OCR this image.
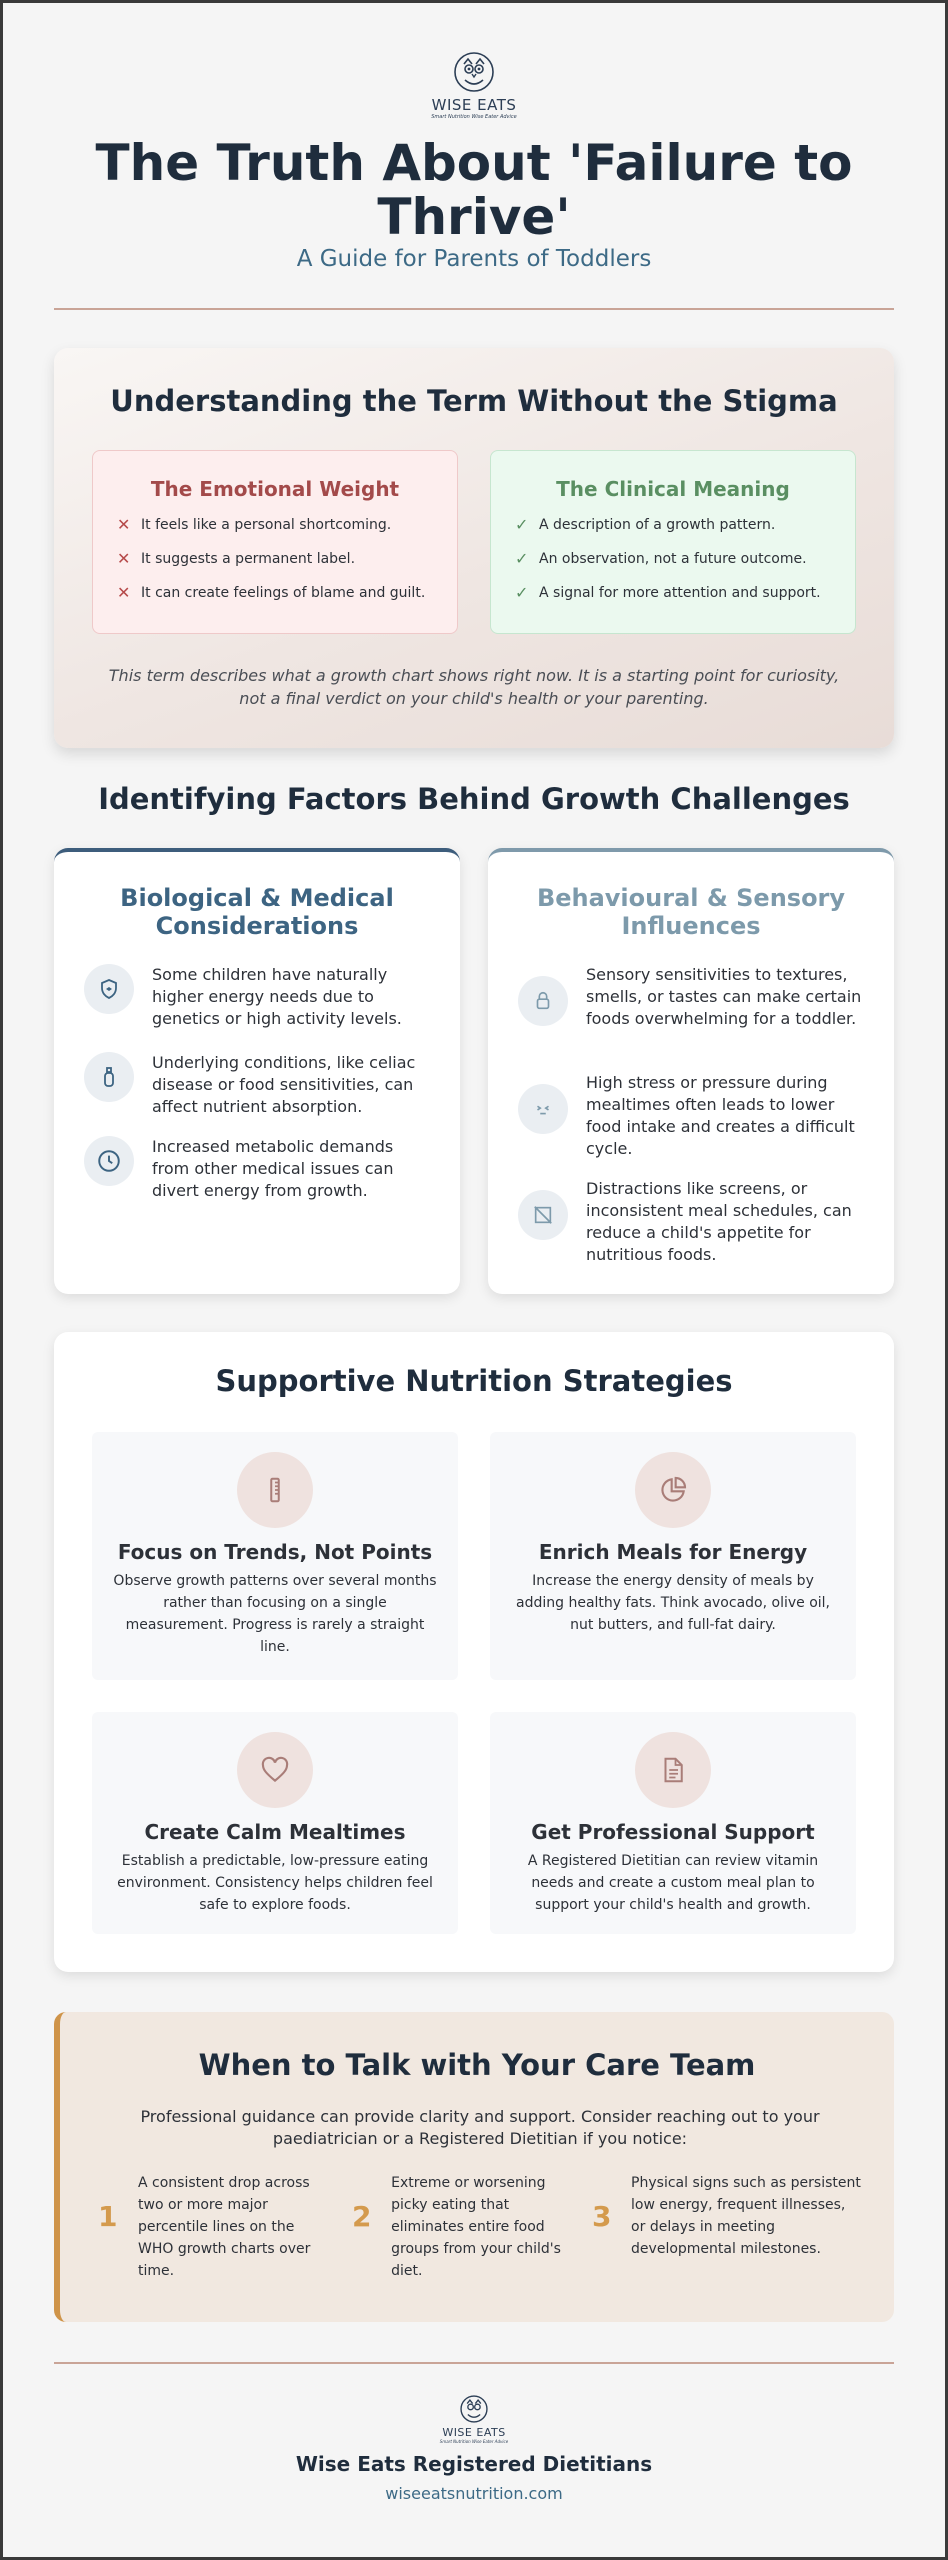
WISE EATS
Smart Nutrition Wise Eater Advice
The Truth About 'Failure to Thrive'
A Guide for Parents of Toddlers
Understanding the Term Without the Stigma
The Emotional Weight
✕ It feels like a personal shortcoming.
✕ It suggests a permanent label.
✕ It can create feelings of blame and guilt.
The Clinical Meaning
✓ A description of a growth pattern.
✓ An observation, not a future outcome.
✓ A signal for more attention and support.

This term describes what a growth chart shows right now. It is a starting point for curiosity, not a final verdict on your child's health or your parenting.

Identifying Factors Behind Growth Challenges
Biological & Medical Considerations
Some children have naturally higher energy needs due to genetics or high activity levels.
Underlying conditions, like celiac disease or food sensitivities, can affect nutrient absorption.
Increased metabolic demands from other medical issues can divert energy from growth.
Behavioural & Sensory Influences
Sensory sensitivities to textures, smells, or tastes can make certain foods overwhelming for a toddler.
High stress or pressure during mealtimes often leads to lower food intake and creates a difficult cycle.
Distractions like screens, or inconsistent meal schedules, can reduce a child's appetite for nutritious foods.
Supportive Nutrition Strategies
Focus on Trends, Not Points

Observe growth patterns over several months rather than focusing on a single measurement. Progress is rarely a straight line.

Enrich Meals for Energy

Increase the energy density of meals by adding healthy fats. Think avocado, olive oil, nut butters, and full-fat dairy.

Create Calm Mealtimes

Establish a predictable, low-pressure eating environment. Consistency helps children feel safe to explore foods.

Get Professional Support

A Registered Dietitian can review vitamin needs and create a custom meal plan to support your child's health and growth.

When to Talk with Your Care Team

Professional guidance can provide clarity and support. Consider reaching out to your paediatrician or a Registered Dietitian if you notice:

1
A consistent drop across two or more major percentile lines on the WHO growth charts over time.
2
Extreme or worsening picky eating that eliminates entire food groups from your child's diet.
3
Physical signs such as persistent low energy, frequent illnesses, or delays in meeting developmental milestones.
WISE EATS
Smart Nutrition Wise Eater Advice
Wise Eats Registered Dietitians
wiseeatsnutrition.com
